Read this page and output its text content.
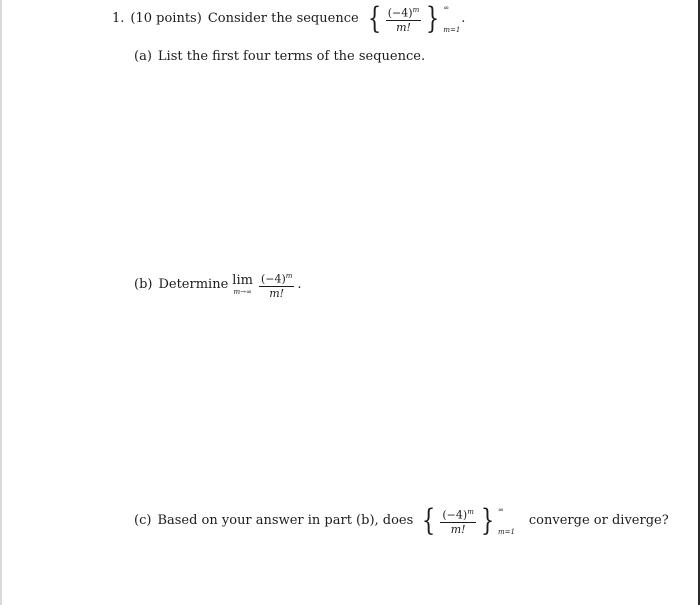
1. (10 points) Consider the sequence { $\frac{(-4)^m}{m!}$ } ∞
m=1
.
(a) List the first four terms of the sequence.
(b) Determine lim
$m\to\infty \frac{(-4)^m}{m!}$ .
(c) Based on your answer in part (b), does { $\frac{(-4)^m}{m!}$ } ∞
m=1
converge or diverge?
